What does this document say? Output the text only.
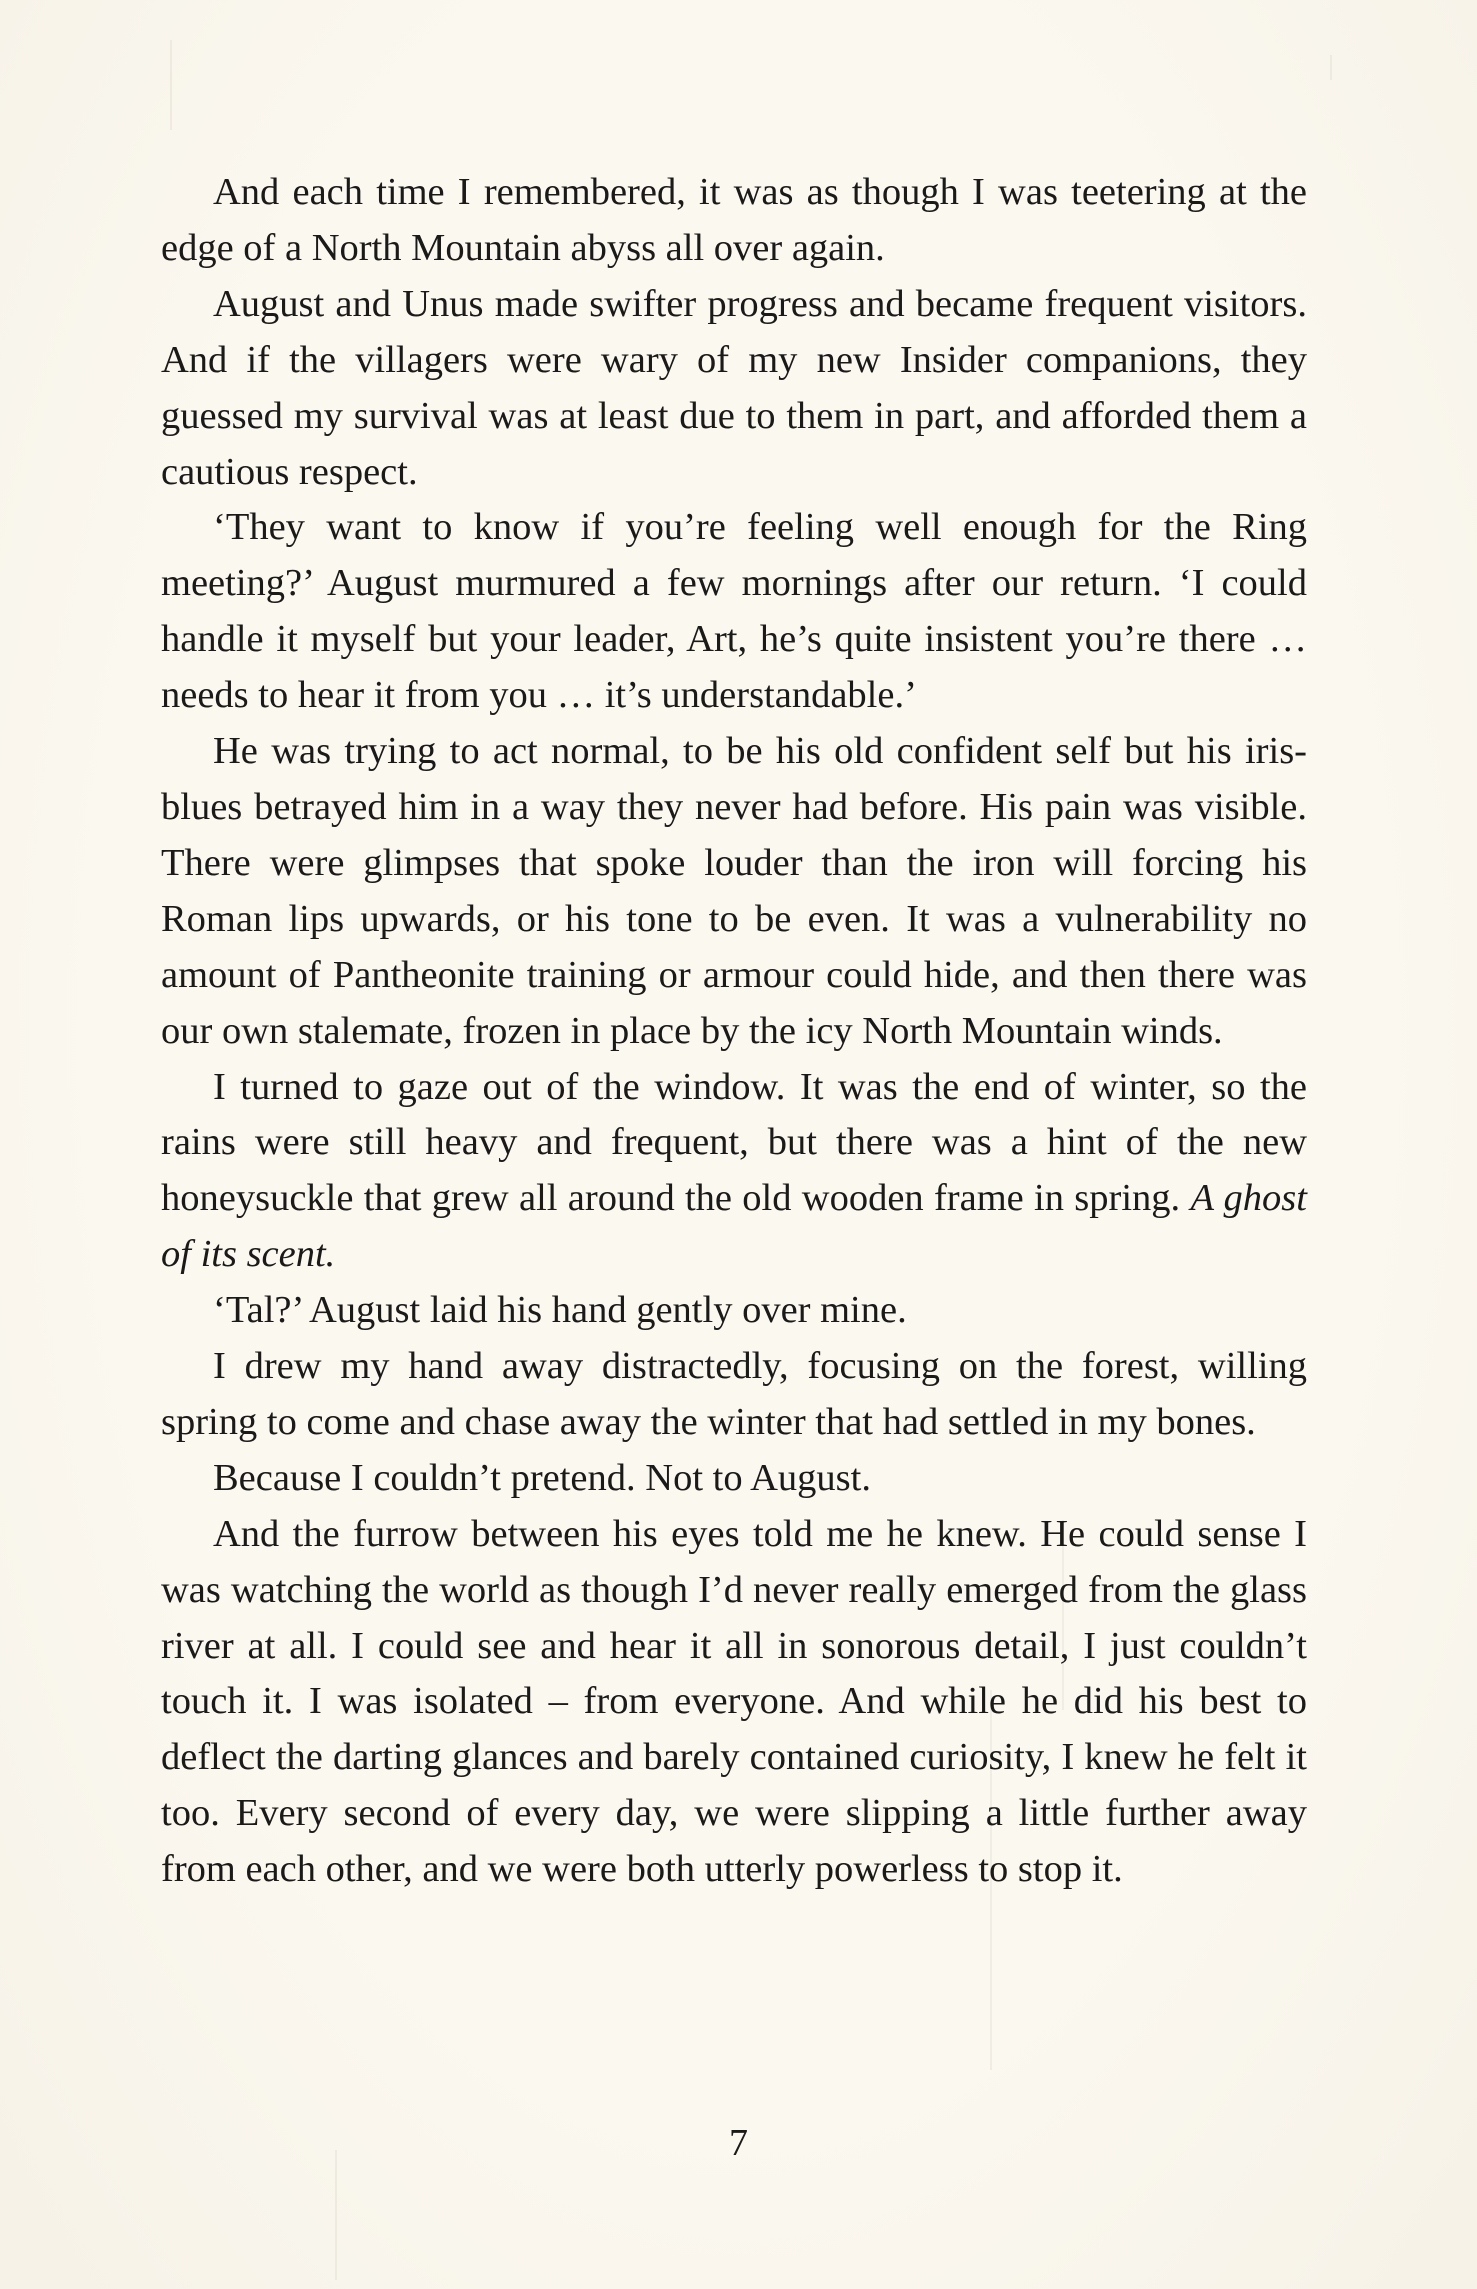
And each time I remembered, it was as though I was teetering at the edge of a North Mountain abyss all over again.

August and Unus made swifter progress and became frequent visitors. And if the villagers were wary of my new Insider companions, they guessed my survival was at least due to them in part, and afforded them a cautious respect.

‘They want to know if you’re feeling well enough for the Ring meeting?’ August murmured a few mornings after our return. ‘I could handle it myself but your leader, Art, he’s quite insistent you’re there … needs to hear it from you … it’s understandable.’

He was trying to act normal, to be his old confident self but his iris-blues betrayed him in a way they never had before. His pain was visible. There were glimpses that spoke louder than the iron will forcing his Roman lips upwards, or his tone to be even. It was a vulnerability no amount of Pantheonite training or armour could hide, and then there was our own stalemate, frozen in place by the icy North Mountain winds.

I turned to gaze out of the window. It was the end of winter, so the rains were still heavy and frequent, but there was a hint of the new honeysuckle that grew all around the old wooden frame in spring. A ghost of its scent.

‘Tal?’ August laid his hand gently over mine.

I drew my hand away distractedly, focusing on the forest, willing spring to come and chase away the winter that had settled in my bones.

Because I couldn’t pretend. Not to August.

And the furrow between his eyes told me he knew. He could sense I was watching the world as though I’d never really emerged from the glass river at all. I could see and hear it all in sonorous detail, I just couldn’t touch it. I was isolated – from everyone. And while he did his best to deflect the darting glances and barely contained curiosity, I knew he felt it too. Every second of every day, we were slipping a little further away from each other, and we were both utterly powerless to stop it.

7
